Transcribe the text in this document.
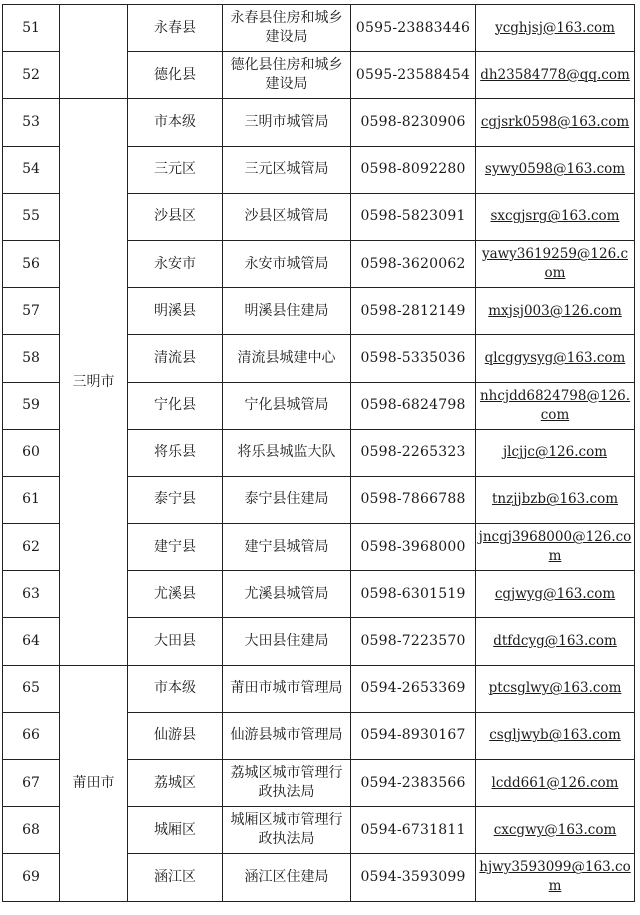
51		永春县	永春县住房和城乡建设局	0595-23883446	ycghjsj@163.com
52		德化县	德化县住房和城乡建设局	0595-23588454	dh23584778@qq.com
53	三明市	市本级	三明市城管局	0598-8230906	cgjsrk0598@163.com
54		三元区	三元区城管局	0598-8092280	sywy0598@163.com
55		沙县区	沙县区城管局	0598-5823091	sxcgjsrg@163.com
56		永安市	永安市城管局	0598-3620062	yawy3619259@126.com
57		明溪县	明溪县住建局	0598-2812149	mxjsj003@126.com
58		清流县	清流县城建中心	0598-5335036	qlcggysyg@163.com
59		宁化县	宁化县城管局	0598-6824798	nhcjdd6824798@126.com
60		将乐县	将乐县城监大队	0598-2265323	jlcjjc@126.com
61		泰宁县	泰宁县住建局	0598-7866788	tnzjjbzb@163.com
62		建宁县	建宁县城管局	0598-3968000	jncgj3968000@126.com
63		尤溪县	尤溪县城管局	0598-6301519	cgjwyg@163.com
64		大田县	大田县住建局	0598-7223570	dtfdcyg@163.com
65	莆田市	市本级	莆田市城市管理局	0594-2653369	ptcsglwy@163.com
66		仙游县	仙游县城市管理局	0594-8930167	csgljwyb@163.com
67		荔城区	荔城区城市管理行政执法局	0594-2383566	lcdd661@126.com
68		城厢区	城厢区城市管理行政执法局	0594-6731811	cxcgwy@163.com
69		涵江区	涵江区住建局	0594-3593099	hjwy3593099@163.com
